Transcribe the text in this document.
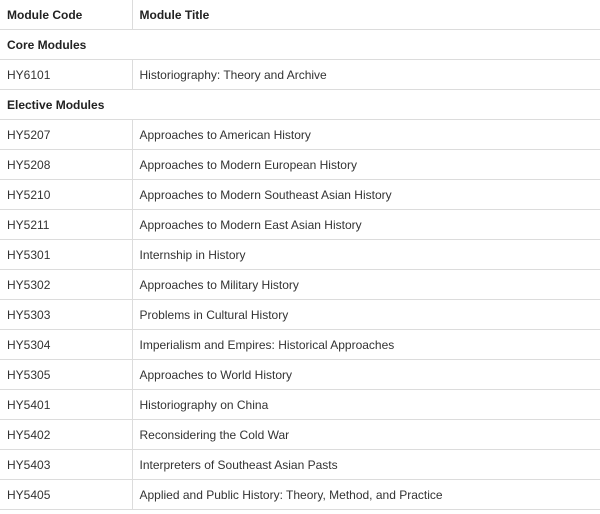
Module Code	Module Title
Core Modules	
HY6101	Historiography: Theory and Archive
Elective Modules	
HY5207	Approaches to American History
HY5208	Approaches to Modern European History
HY5210	Approaches to Modern Southeast Asian History
HY5211	Approaches to Modern East Asian History
HY5301	Internship in History
HY5302	Approaches to Military History
HY5303	Problems in Cultural History
HY5304	Imperialism and Empires: Historical Approaches
HY5305	Approaches to World History
HY5401	Historiography on China
HY5402	Reconsidering the Cold War
HY5403	Interpreters of Southeast Asian Pasts
HY5405	Applied and Public History: Theory, Method, and Practice
